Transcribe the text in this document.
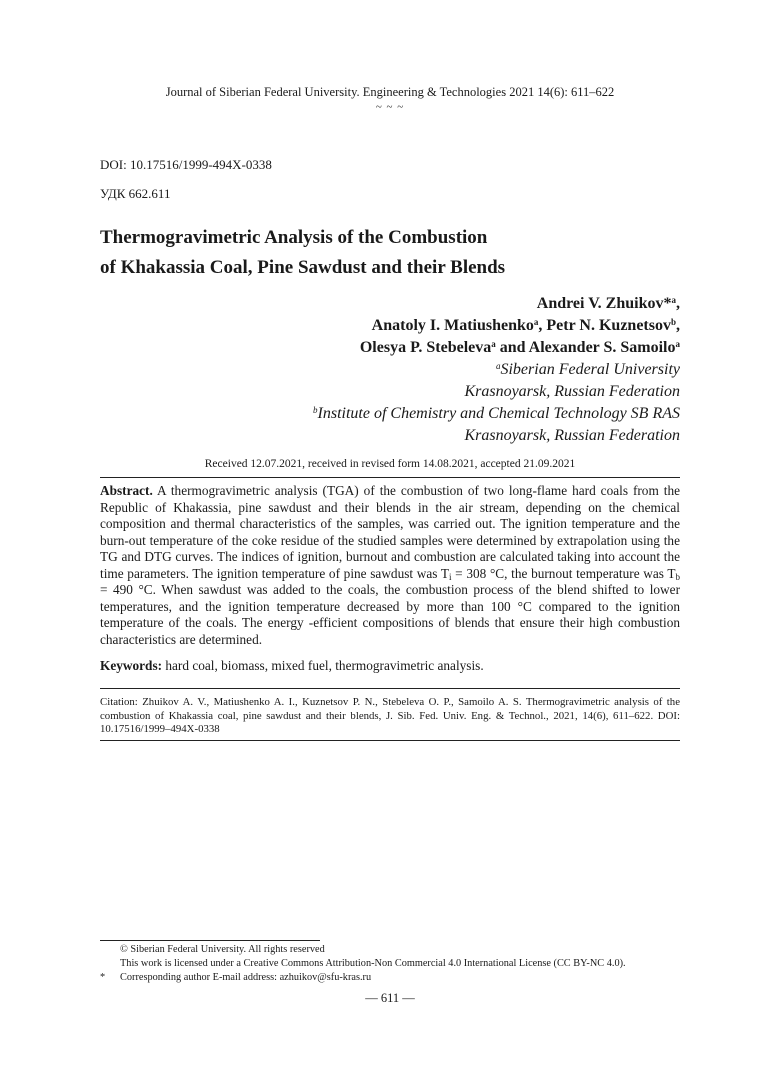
Journal of Siberian Federal University. Engineering & Technologies 2021 14(6): 611–622
~ ~ ~
DOI: 10.17516/1999-494X-0338
УДК 662.611
Thermogravimetric Analysis of the Combustion
of Khakassia Coal, Pine Sawdust and their Blends
Andrei V. Zhuikov*$^a$,
Anatoly I. Matiushenko$^a$, Petr N. Kuznetsov$^b$,
Olesya P. Stebeleva$^a$ and Alexander S. Samoilo$^a$
$^a$Siberian Federal University
Krasnoyarsk, Russian Federation
$^b$Institute of Chemistry and Chemical Technology SB RAS
Krasnoyarsk, Russian Federation
Received 12.07.2021, received in revised form 14.08.2021, accepted 21.09.2021
Abstract. A thermogravimetric analysis (TGA) of the combustion of two long-flame hard coals from the Republic of Khakassia, pine sawdust and their blends in the air stream, depending on the chemical composition and thermal characteristics of the samples, was carried out. The ignition temperature and the burn-out temperature of the coke residue of the studied samples were determined by extrapolation using the TG and DTG curves. The indices of ignition, burnout and combustion are calculated taking into account the time parameters. The ignition temperature of pine sawdust was $T_i = 308$ °C, the burnout temperature was $T_b = 490$ °C. When sawdust was added to the coals, the combustion process of the blend shifted to lower temperatures, and the ignition temperature decreased by more than 100 °C compared to the ignition temperature of the coals. The energy -efficient compositions of blends that ensure their high combustion characteristics are determined.
Keywords: hard coal, biomass, mixed fuel, thermogravimetric analysis.
Citation: Zhuikov A. V., Matiushenko A. I., Kuznetsov P. N., Stebeleva O. P., Samoilo A. S. Thermogravimetric analysis of the combustion of Khakassia coal, pine sawdust and their blends, J. Sib. Fed. Univ. Eng. & Technol., 2021, 14(6), 611–622. DOI: 10.17516/1999–494X-0338
© Siberian Federal University. All rights reserved
This work is licensed under a Creative Commons Attribution-Non Commercial 4.0 International License (CC BY-NC 4.0).
*	Corresponding author E-mail address: azhuikov@sfu-kras.ru
— 611 —
